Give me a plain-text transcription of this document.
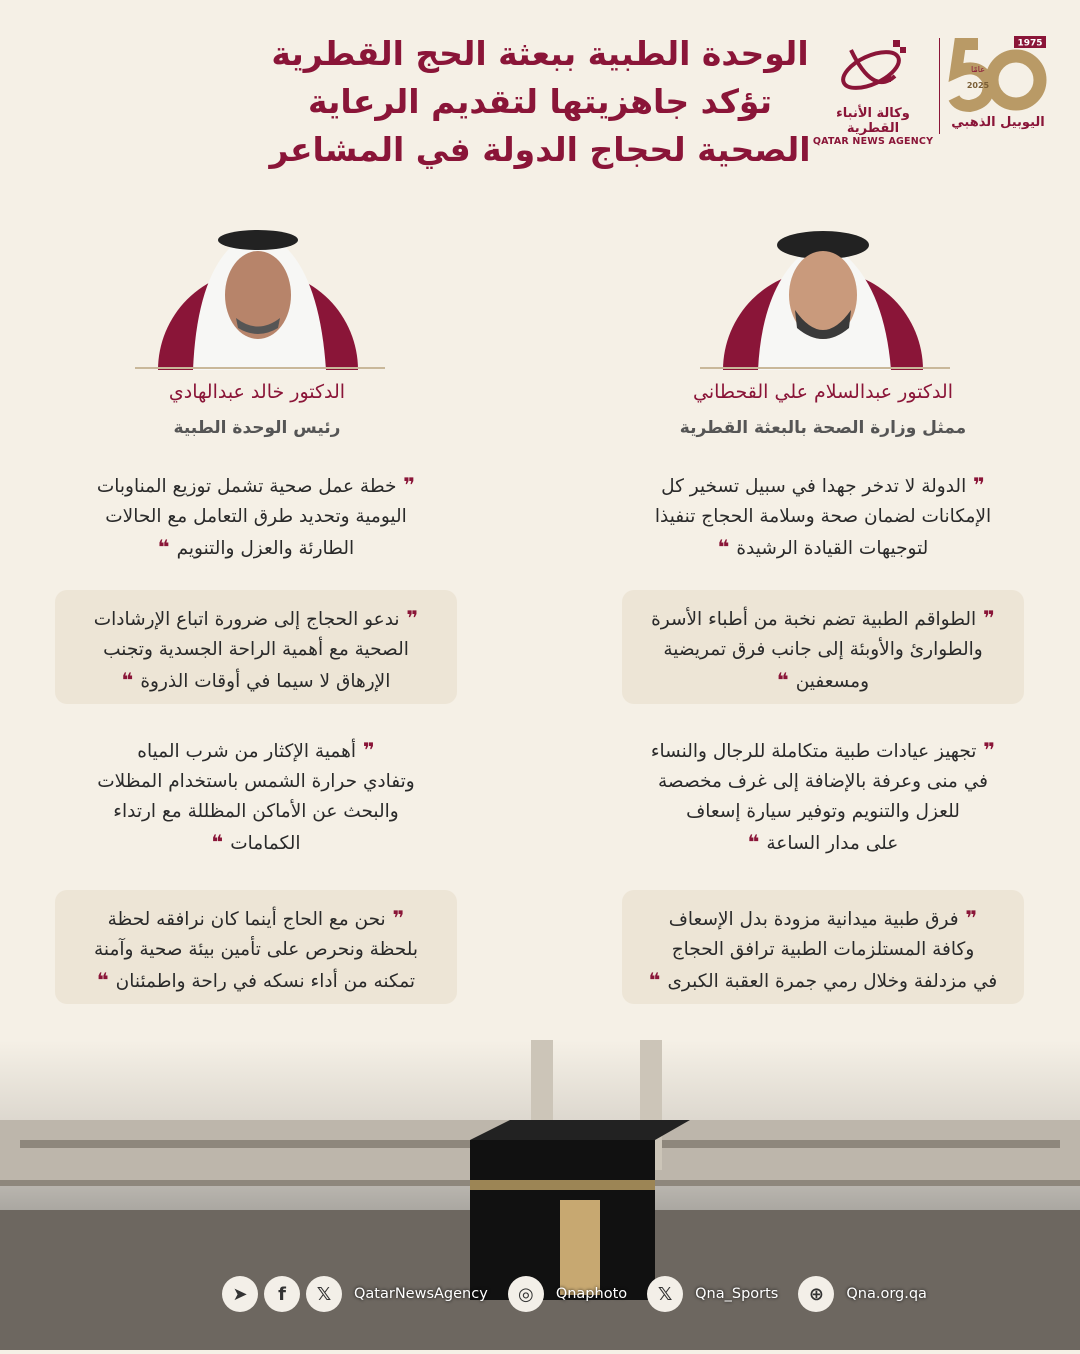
الوحدة الطبية ببعثة الحج القطرية
تؤكد جاهزيتها لتقديم الرعاية
الصحية لحجاج الدولة في المشاعر
وكالة الأنباء القطرية
QATAR NEWS AGENCY
1975
2025
عامًا
اليوبيل الذهبي
الدكتور عبدالسلام علي القحطاني
ممثل وزارة الصحة بالبعثة القطرية
الدكتور خالد عبدالهادي
رئيس الوحدة الطبية
❞ الدولة لا تدخر جهدا في سبيل تسخير كل
الإمكانات لضمان صحة وسلامة الحجاج تنفيذا
لتوجيهات القيادة الرشيدة ❝
❞ الطواقم الطبية تضم نخبة من أطباء الأسرة
والطوارئ والأوبئة إلى جانب فرق تمريضية
ومسعفين ❝
❞ تجهيز عيادات طبية متكاملة للرجال والنساء
في منى وعرفة بالإضافة إلى غرف مخصصة
للعزل والتنويم وتوفير سيارة إسعاف
على مدار الساعة ❝
❞ فرق طبية ميدانية مزودة بدل الإسعاف
وكافة المستلزمات الطبية ترافق الحجاج
في مزدلفة وخلال رمي جمرة العقبة الكبرى ❝
❞ خطة عمل صحية تشمل توزيع المناوبات
اليومية وتحديد طرق التعامل مع الحالات
الطارئة والعزل والتنويم ❝
❞ ندعو الحجاج إلى ضرورة اتباع الإرشادات
الصحية مع أهمية الراحة الجسدية وتجنب
الإرهاق لا سيما في أوقات الذروة ❝
❞ أهمية الإكثار من شرب المياه
وتفادي حرارة الشمس باستخدام المظلات
والبحث عن الأماكن المظللة مع ارتداء
الكمامات ❝
❞ نحن مع الحاج أينما كان نرافقه لحظة
بلحظة ونحرص على تأمين بيئة صحية وآمنة
تمكنه من أداء نسكه في راحة واطمئنان ❝
➤	f	𝕏	QatarNewsAgency	◎	Qnaphoto	𝕏	Qna_Sports	⊕	Qna.org.qa
